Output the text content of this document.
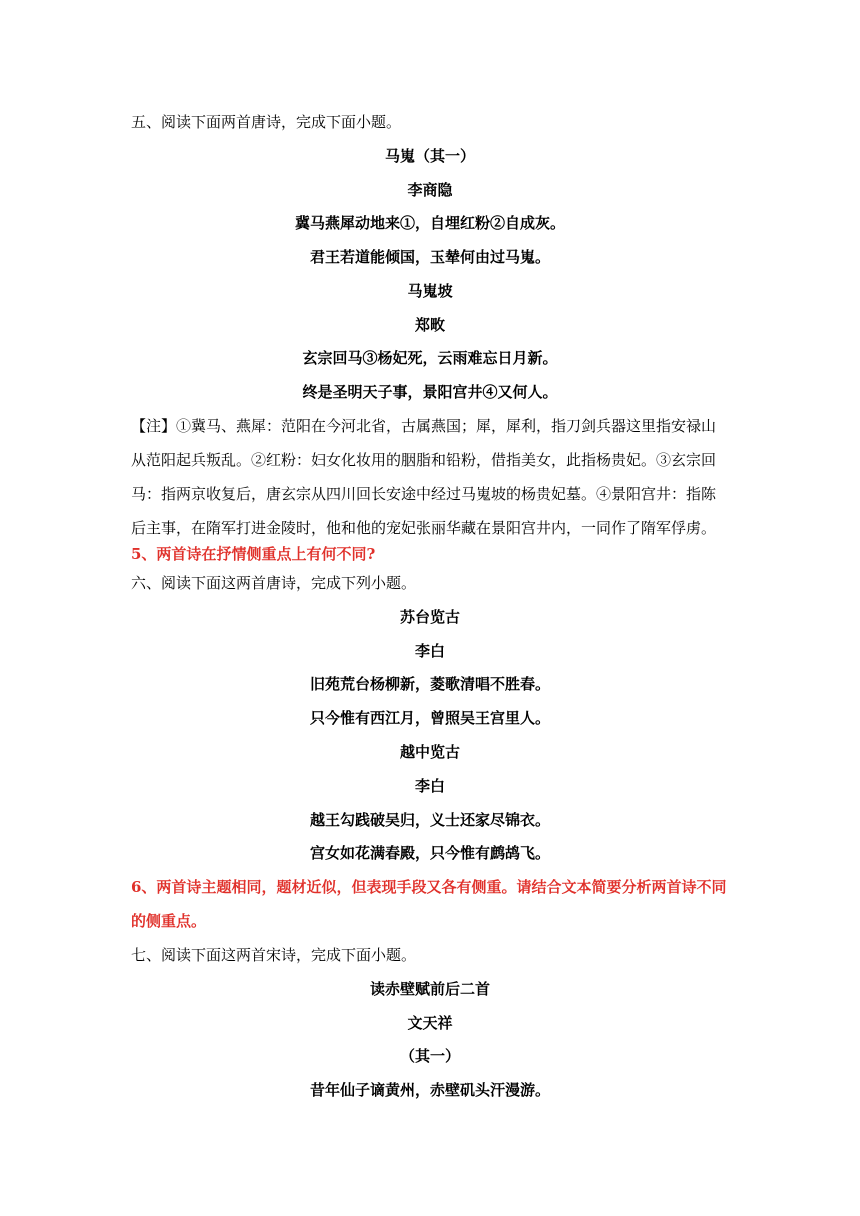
五、阅读下面两首唐诗，完成下面小题。
马嵬（其一）
李商隐
冀马燕犀动地来①，自埋红粉②自成灰。
君王若道能倾国，玉辇何由过马嵬。
马嵬坡
郑畋
玄宗回马③杨妃死，云雨难忘日月新。
终是圣明天子事，景阳宫井④又何人。
【注】①冀马、燕犀：范阳在今河北省，古属燕国；犀，犀利，指刀剑兵器这里指安禄山
从范阳起兵叛乱。②红粉：妇女化妆用的胭脂和铅粉，借指美女，此指杨贵妃。③玄宗回
马：指两京收复后，唐玄宗从四川回长安途中经过马嵬坡的杨贵妃墓。④景阳宫井：指陈
后主事，在隋军打进金陵时，他和他的宠妃张丽华藏在景阳宫井内，一同作了隋军俘虏。
5、两首诗在抒情侧重点上有何不同?
六、阅读下面这两首唐诗，完成下列小题。
苏台览古
李白
旧苑荒台杨柳新，菱歌清唱不胜春。
只今惟有西江月，曾照吴王宫里人。
越中览古
李白
越王勾践破吴归，义士还家尽锦衣。
宫女如花满春殿，只今惟有鹧鸪飞。
6、两首诗主题相同，题材近似，但表现手段又各有侧重。请结合文本简要分析两首诗不同
的侧重点。
七、阅读下面这两首宋诗，完成下面小题。
读赤壁赋前后二首
文天祥
（其一）
昔年仙子谪黄州，赤壁矶头汗漫游。
